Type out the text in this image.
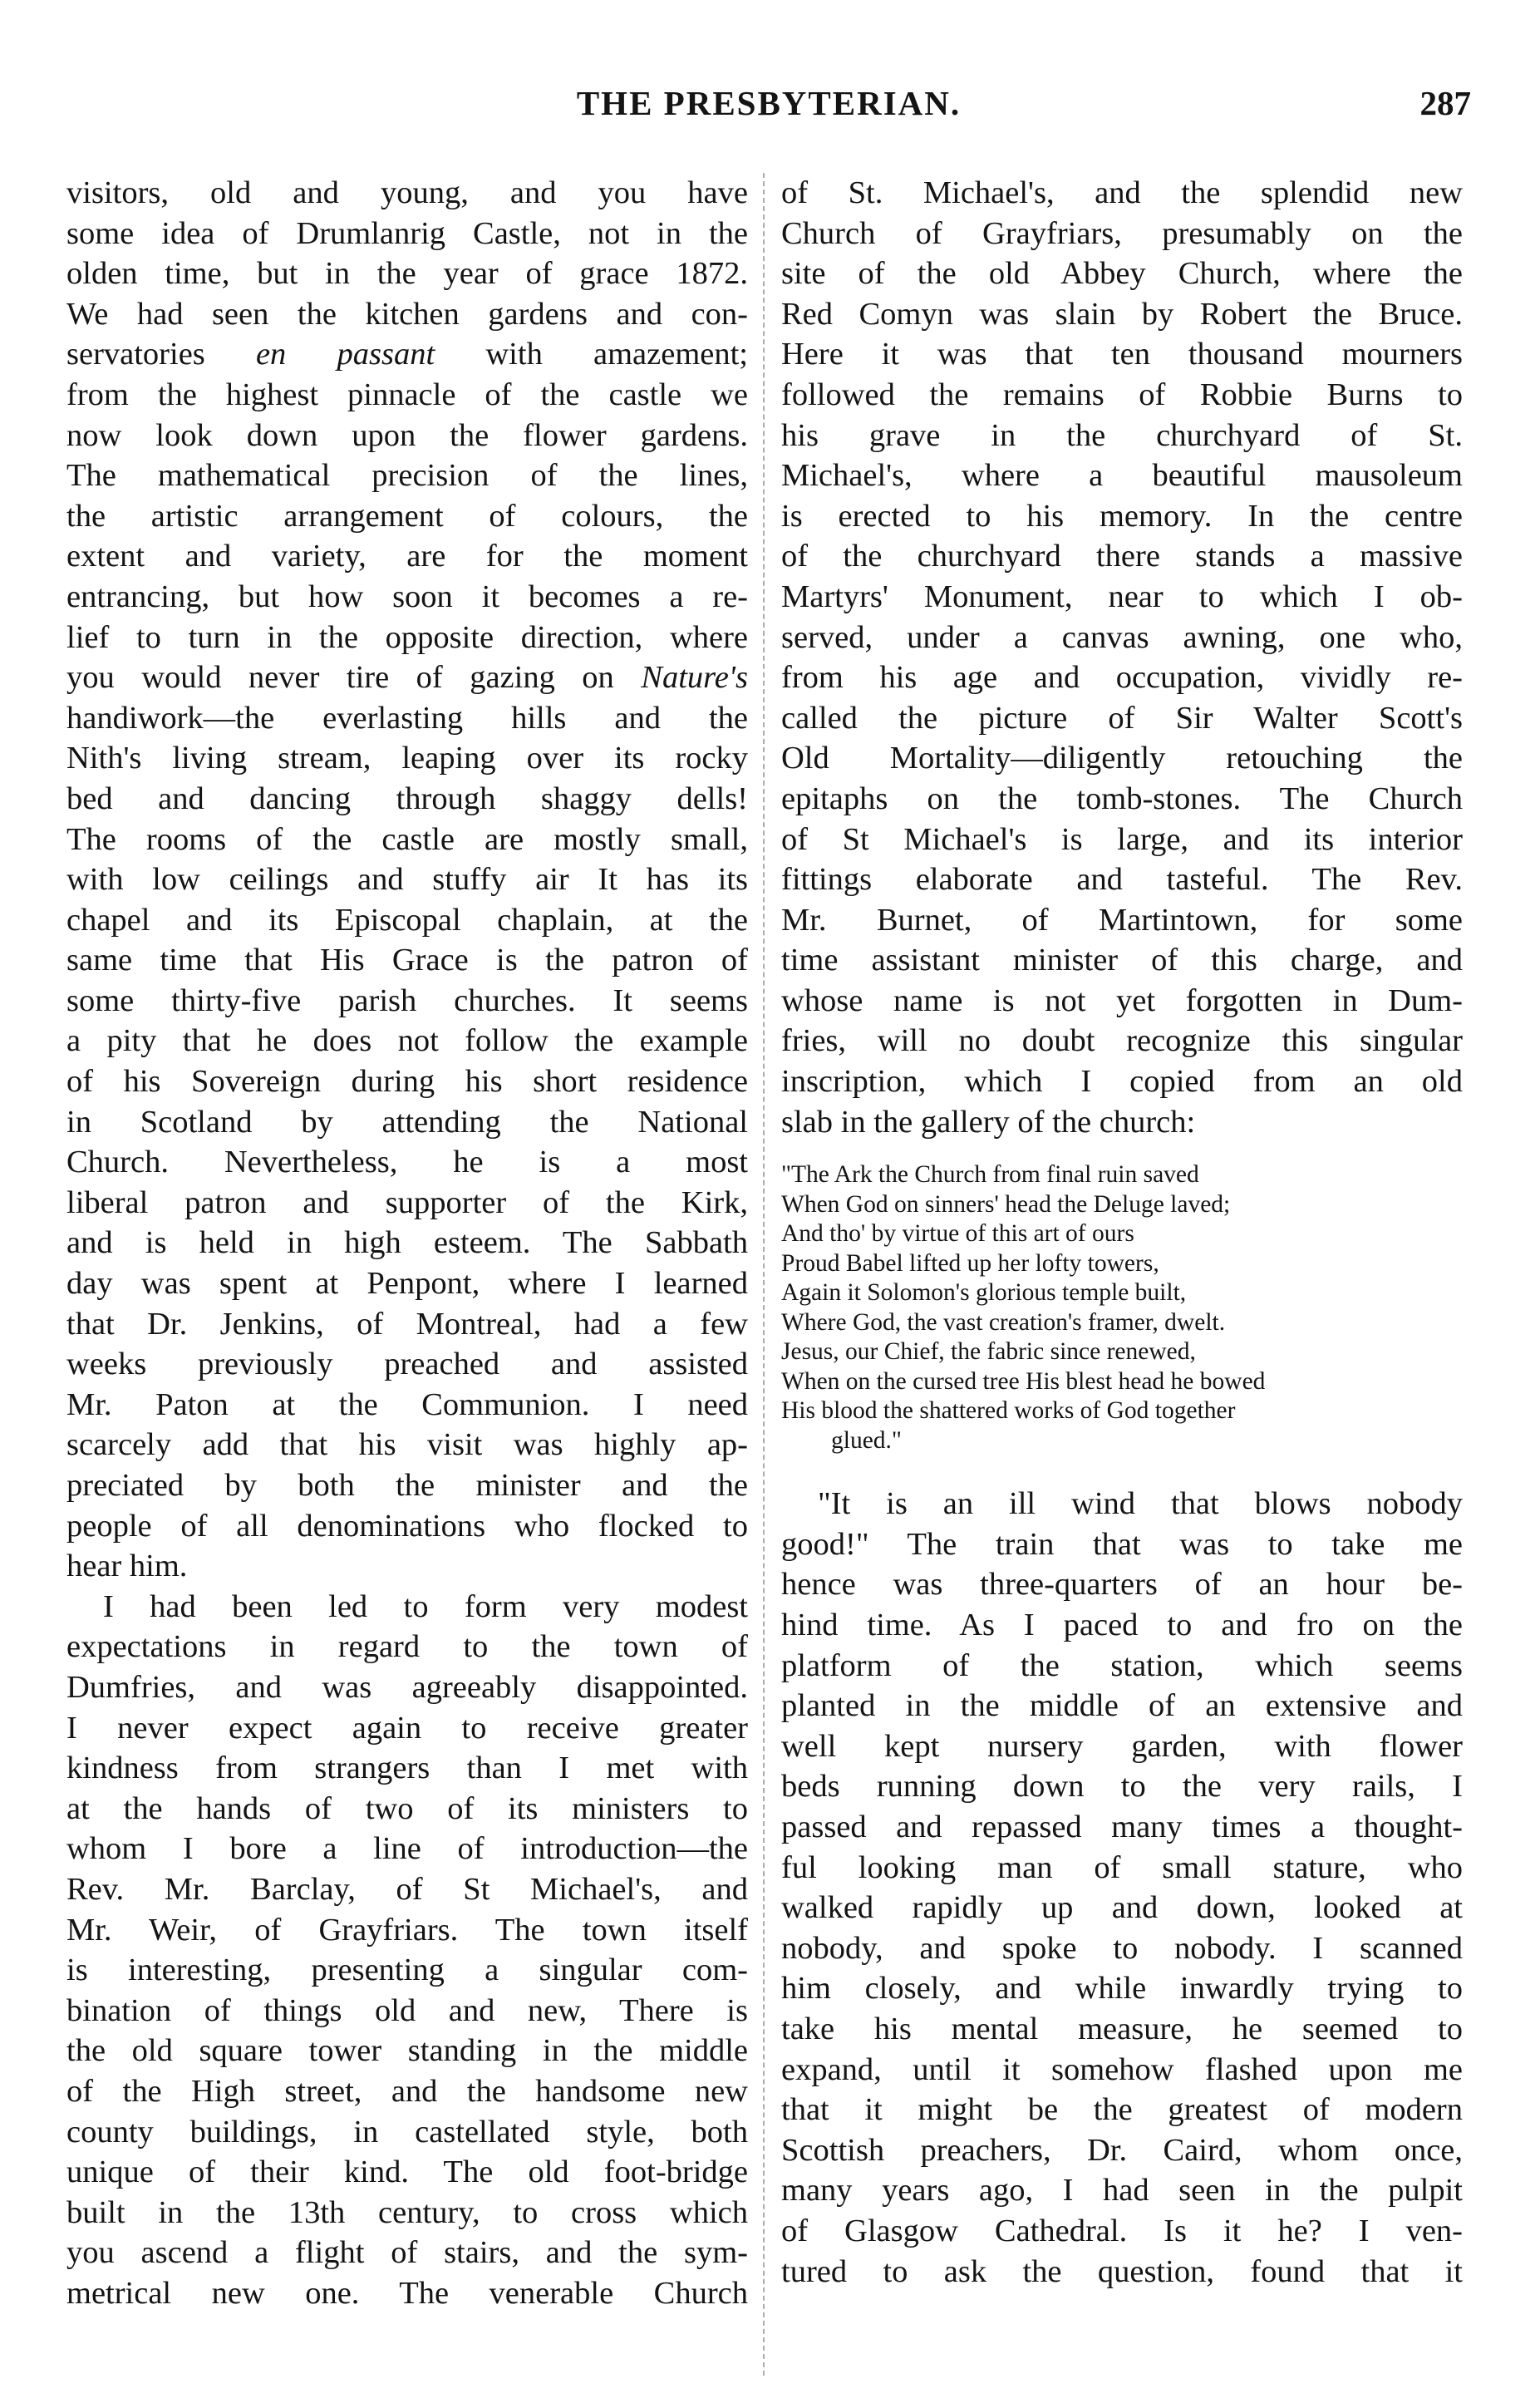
THE PRESBYTERIAN.	287
visitors, old and young, and you have
some idea of Drumlanrig Castle, not in the
olden time, but in the year of grace 1872.
We had seen the kitchen gardens and con-
servatories en passant with amazement;
from the highest pinnacle of the castle we
now look down upon the flower gardens.
The mathematical precision of the lines,
the artistic arrangement of colours, the
extent and variety, are for the moment
entrancing, but how soon it becomes a re-
lief to turn in the opposite direction, where
you would never tire of gazing on Nature's
handiwork—the everlasting hills and the
Nith's living stream, leaping over its rocky
bed and dancing through shaggy dells!
The rooms of the castle are mostly small,
with low ceilings and stuffy air It has its
chapel and its Episcopal chaplain, at the
same time that His Grace is the patron of
some thirty-five parish churches. It seems
a pity that he does not follow the example
of his Sovereign during his short residence
in Scotland by attending the National
Church. Nevertheless, he is a most
liberal patron and supporter of the Kirk,
and is held in high esteem. The Sabbath
day was spent at Penpont, where I learned
that Dr. Jenkins, of Montreal, had a few
weeks previously preached and assisted
Mr. Paton at the Communion. I need
scarcely add that his visit was highly ap-
preciated by both the minister and the
people of all denominations who flocked to
hear him.
I had been led to form very modest
expectations in regard to the town of
Dumfries, and was agreeably disappointed.
I never expect again to receive greater
kindness from strangers than I met with
at the hands of two of its ministers to
whom I bore a line of introduction—the
Rev. Mr. Barclay, of St Michael's, and
Mr. Weir, of Grayfriars. The town itself
is interesting, presenting a singular com-
bination of things old and new, There is
the old square tower standing in the middle
of the High street, and the handsome new
county buildings, in castellated style, both
unique of their kind. The old foot-bridge
built in the 13th century, to cross which
you ascend a flight of stairs, and the sym-
metrical new one. The venerable Church
of St. Michael's, and the splendid new
Church of Grayfriars, presumably on the
site of the old Abbey Church, where the
Red Comyn was slain by Robert the Bruce.
Here it was that ten thousand mourners
followed the remains of Robbie Burns to
his grave in the churchyard of St.
Michael's, where a beautiful mausoleum
is erected to his memory. In the centre
of the churchyard there stands a massive
Martyrs' Monument, near to which I ob-
served, under a canvas awning, one who,
from his age and occupation, vividly re-
called the picture of Sir Walter Scott's
Old Mortality—diligently retouching the
epitaphs on the tomb-stones. The Church
of St Michael's is large, and its interior
fittings elaborate and tasteful. The Rev.
Mr. Burnet, of Martintown, for some
time assistant minister of this charge, and
whose name is not yet forgotten in Dum-
fries, will no doubt recognize this singular
inscription, which I copied from an old
slab in the gallery of the church:
"The Ark the Church from final ruin saved
When God on sinners' head the Deluge laved;
And tho' by virtue of this art of ours
Proud Babel lifted up her lofty towers,
Again it Solomon's glorious temple built,
Where God, the vast creation's framer, dwelt.
Jesus, our Chief, the fabric since renewed,
When on the cursed tree His blest head he bowed
His blood the shattered works of God together
glued."
"It is an ill wind that blows nobody
good!" The train that was to take me
hence was three-quarters of an hour be-
hind time. As I paced to and fro on the
platform of the station, which seems
planted in the middle of an extensive and
well kept nursery garden, with flower
beds running down to the very rails, I
passed and repassed many times a thought-
ful looking man of small stature, who
walked rapidly up and down, looked at
nobody, and spoke to nobody. I scanned
him closely, and while inwardly trying to
take his mental measure, he seemed to
expand, until it somehow flashed upon me
that it might be the greatest of modern
Scottish preachers, Dr. Caird, whom once,
many years ago, I had seen in the pulpit
of Glasgow Cathedral. Is it he? I ven-
tured to ask the question, found that it
